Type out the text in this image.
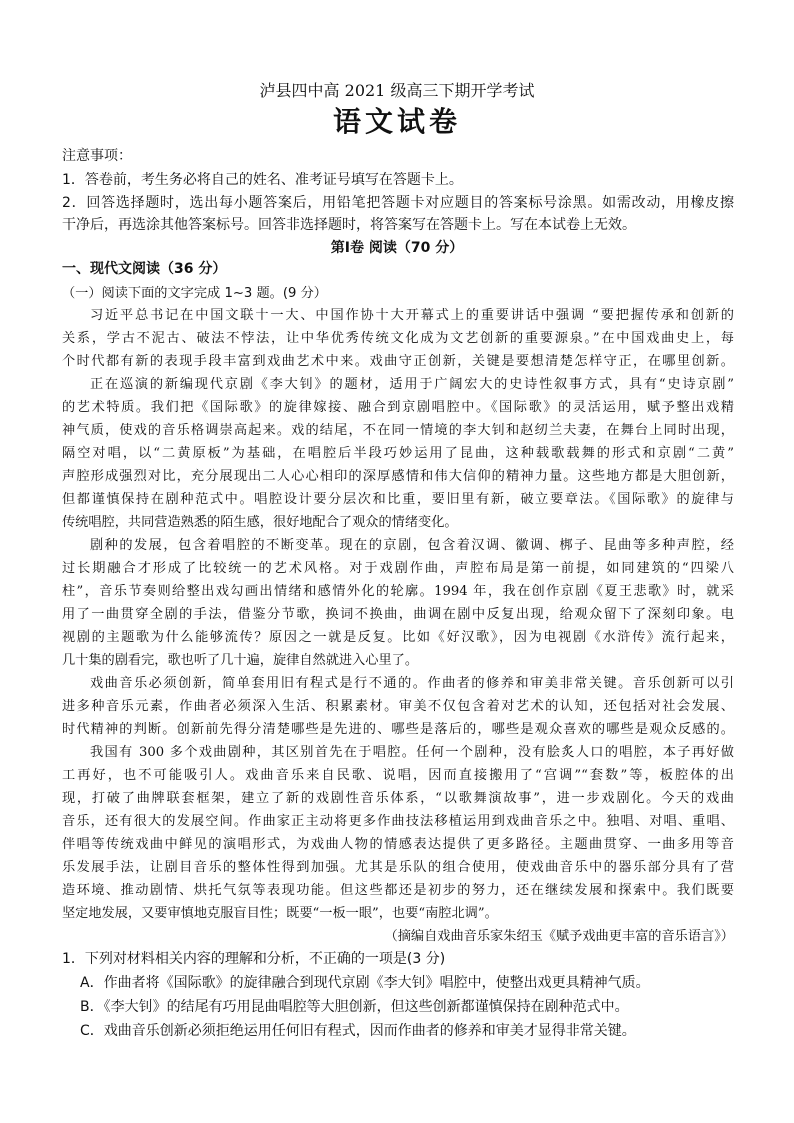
泸县四中高 2021 级高三下期开学考试
语文试卷
注意事项：
1．答卷前，考生务必将自己的姓名、准考证号填写在答题卡上。
2．回答选择题时，选出每小题答案后，用铅笔把答题卡对应题目的答案标号涂黑。如需改动，用橡皮擦
干净后，再选涂其他答案标号。回答非选择题时，将答案写在答题卡上。写在本试卷上无效。
第Ⅰ卷 阅读（70 分）
一、现代文阅读（36 分）
（一）阅读下面的文字完成 1~3 题。(9 分）
习近平总书记在中国文联十一大、中国作协十大开幕式上的重要讲话中强调 “要把握传承和创新的
关系，学古不泥古、破法不悖法，让中华优秀传统文化成为文艺创新的重要源泉。”在中国戏曲史上，每
个时代都有新的表现手段丰富到戏曲艺术中来。戏曲守正创新，关键是要想清楚怎样守正，在哪里创新。
正在巡演的新编现代京剧《李大钊》的题材，适用于广阔宏大的史诗性叙事方式，具有“史诗京剧”
的艺术特质。我们把《国际歌》的旋律嫁接、融合到京剧唱腔中。《国际歌》的灵活运用，赋予整出戏精
神气质，使戏的音乐格调崇高起来。戏的结尾，不在同一情境的李大钊和赵纫兰夫妻，在舞台上同时出现，
隔空对唱，以“二黄原板”为基础，在唱腔后半段巧妙运用了昆曲，这种载歌载舞的形式和京剧“二黄”
声腔形成强烈对比，充分展现出二人心心相印的深厚感情和伟大信仰的精神力量。这些地方都是大胆创新，
但都谨慎保持在剧种范式中。唱腔设计要分层次和比重，要旧里有新，破立要章法。《国际歌》的旋律与
传统唱腔，共同营造熟悉的陌生感，很好地配合了观众的情绪变化。
剧种的发展，包含着唱腔的不断变革。现在的京剧，包含着汉调、徽调、梆子、昆曲等多种声腔，经
过长期融合才形成了比较统一的艺术风格。对于戏剧作曲，声腔布局是第一前提，如同建筑的“四梁八
柱”，音乐节奏则给整出戏勾画出情绪和感情外化的轮廓。1994 年，我在创作京剧《夏王悲歌》时，就采
用了一曲贯穿全剧的手法，借鉴分节歌，换词不换曲，曲调在剧中反复出现，给观众留下了深刻印象。电
视剧的主题歌为什么能够流传？原因之一就是反复。比如《好汉歌》，因为电视剧《水浒传》流行起来，
几十集的剧看完，歌也听了几十遍，旋律自然就进入心里了。
戏曲音乐必须创新，简单套用旧有程式是行不通的。作曲者的修养和审美非常关键。音乐创新可以引
进多种音乐元素，作曲者必须深入生活、积累素材。审美不仅包含着对艺术的认知，还包括对社会发展、
时代精神的判断。创新前先得分清楚哪些是先进的、哪些是落后的，哪些是观众喜欢的哪些是观众反感的。
我国有 300 多个戏曲剧种，其区别首先在于唱腔。任何一个剧种，没有脍炙人口的唱腔，本子再好做
工再好，也不可能吸引人。戏曲音乐来自民歌、说唱，因而直接搬用了“宫调”“套数”等，板腔体的出
现，打破了曲牌联套框架，建立了新的戏剧性音乐体系，“以歌舞演故事”，进一步戏剧化。今天的戏曲
音乐，还有很大的发展空间。作曲家正主动将更多作曲技法移植运用到戏曲音乐之中。独唱、对唱、重唱、
伴唱等传统戏曲中鲜见的演唱形式，为戏曲人物的情感表达提供了更多路径。主题曲贯穿、一曲多用等音
乐发展手法，让剧目音乐的整体性得到加强。尤其是乐队的组合使用，使戏曲音乐中的器乐部分具有了营
造环境、推动剧情、烘托气氛等表现功能。但这些都还是初步的努力，还在继续发展和探索中。我们既要
坚定地发展，又要审慎地克服盲目性；既要“一板一眼”，也要“南腔北调”。
（摘编自戏曲音乐家朱绍玉《赋予戏曲更丰富的音乐语言》）
1．下列对材料相关内容的理解和分析，不正确的一项是(3 分)
A．作曲者将《国际歌》的旋律融合到现代京剧《李大钊》唱腔中，使整出戏更具精神气质。
B．《李大钊》的结尾有巧用昆曲唱腔等大胆创新，但这些创新都谨慎保持在剧种范式中。
C．戏曲音乐创新必须拒绝运用任何旧有程式，因而作曲者的修养和审美才显得非常关键。
